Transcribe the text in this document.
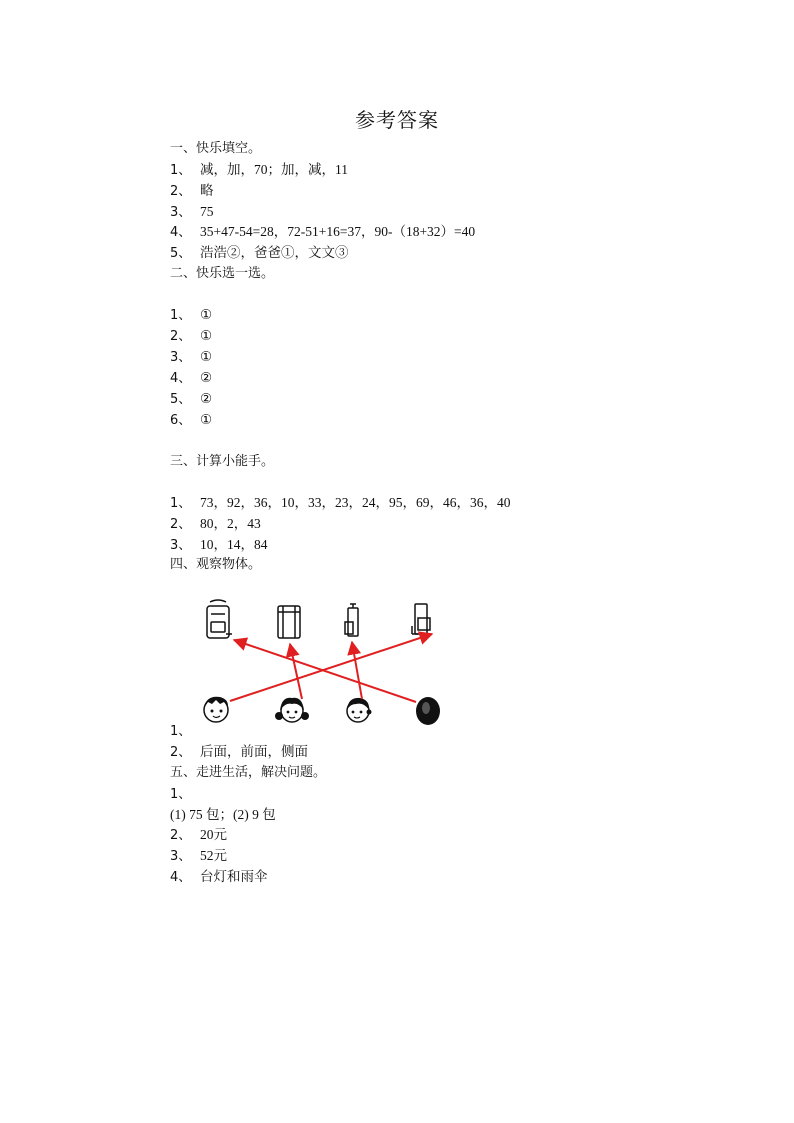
参考答案
一、快乐填空。
1、 减，加，70；加，减，11
2、 略
3、 75
4、 35+47-54=28，72-51+16=37，90-（18+32）=40
5、 浩浩②，爸爸①，文文③
二、快乐选一选。
1、 ①
2、 ①
3、 ①
4、 ②
5、 ②
6、 ①
三、计算小能手。
1、 73，92，36，10，33，23，24，95，69，46，36，40
2、 80，2，43
3、 10，14，84
四、观察物体。
1、
2、 后面，前面，侧面
五、走进生活，解决问题。
1、
(1) 75 包；(2) 9 包
2、 20元
3、 52元
4、 台灯和雨伞
